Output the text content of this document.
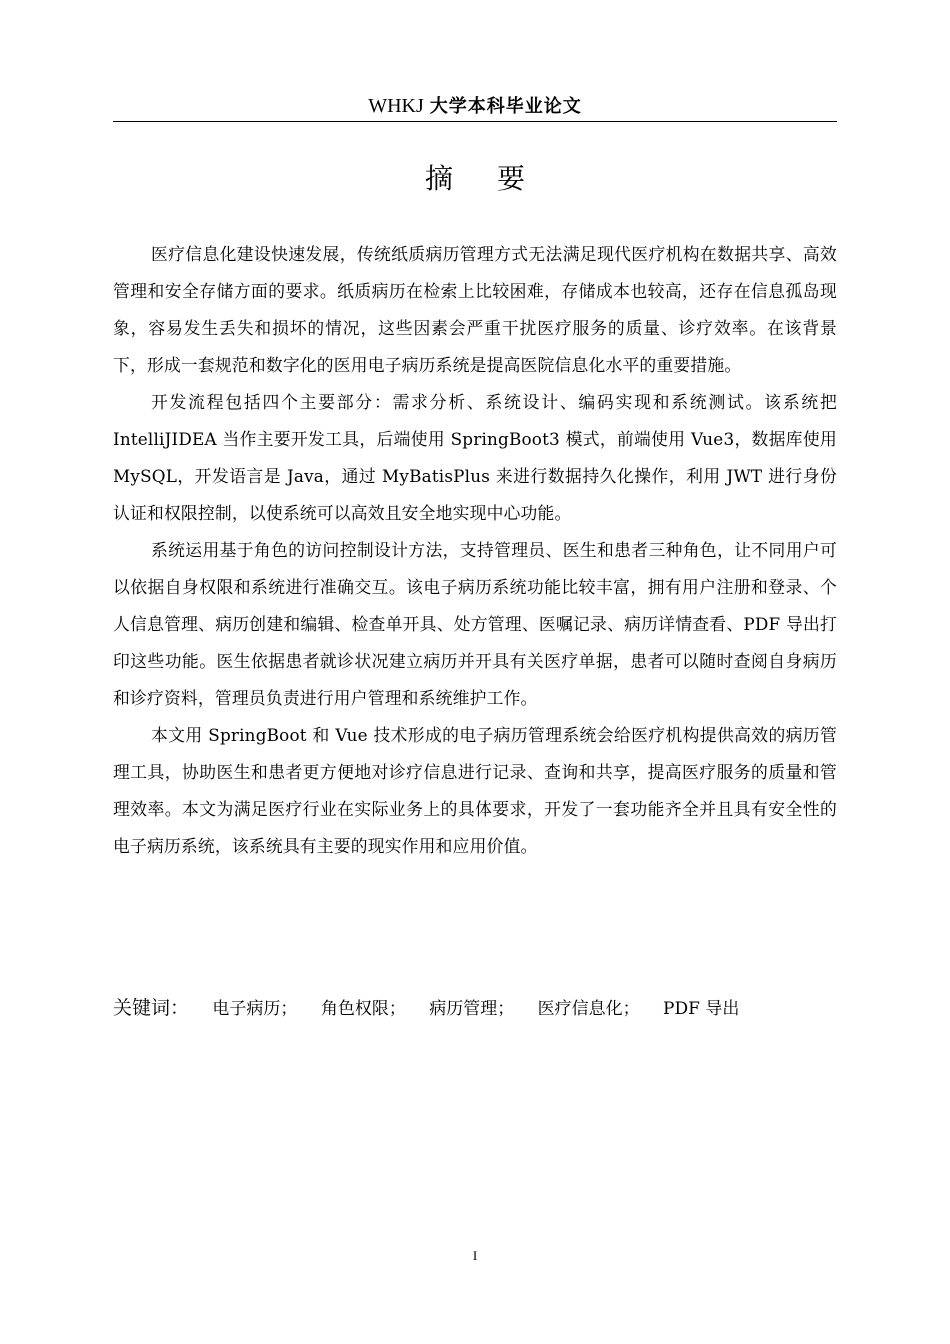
WHKJ 大学本科毕业论文
摘要

医疗信息化建设快速发展，传统纸质病历管理方式无法满足现代医疗机构在数据共享、高效管理和安全存储方面的要求。纸质病历在检索上比较困难，存储成本也较高，还存在信息孤岛现象，容易发生丢失和损坏的情况，这些因素会严重干扰医疗服务的质量、诊疗效率。在该背景下，形成一套规范和数字化的医用电子病历系统是提高医院信息化水平的重要措施。

开发流程包括四个主要部分：需求分析、系统设计、编码实现和系统测试。该系统把 IntelliJIDEA 当作主要开发工具，后端使用 SpringBoot3 模式，前端使用 Vue3，数据库使用 MySQL，开发语言是 Java，通过 MyBatisPlus 来进行数据持久化操作，利用 JWT 进行身份认证和权限控制，以使系统可以高效且安全地实现中心功能。

系统运用基于角色的访问控制设计方法，支持管理员、医生和患者三种角色，让不同用户可以依据自身权限和系统进行准确交互。该电子病历系统功能比较丰富，拥有用户注册和登录、个人信息管理、病历创建和编辑、检查单开具、处方管理、医嘱记录、病历详情查看、PDF 导出打印这些功能。医生依据患者就诊状况建立病历并开具有关医疗单据，患者可以随时查阅自身病历和诊疗资料，管理员负责进行用户管理和系统维护工作。

本文用 SpringBoot 和 Vue 技术形成的电子病历管理系统会给医疗机构提供高效的病历管理工具，协助医生和患者更方便地对诊疗信息进行记录、查询和共享，提高医疗服务的质量和管理效率。本文为满足医疗行业在实际业务上的具体要求，开发了一套功能齐全并且具有安全性的电子病历系统，该系统具有主要的现实作用和应用价值。

关键词： 电子病历； 角色权限； 病历管理； 医疗信息化； PDF 导出
I
